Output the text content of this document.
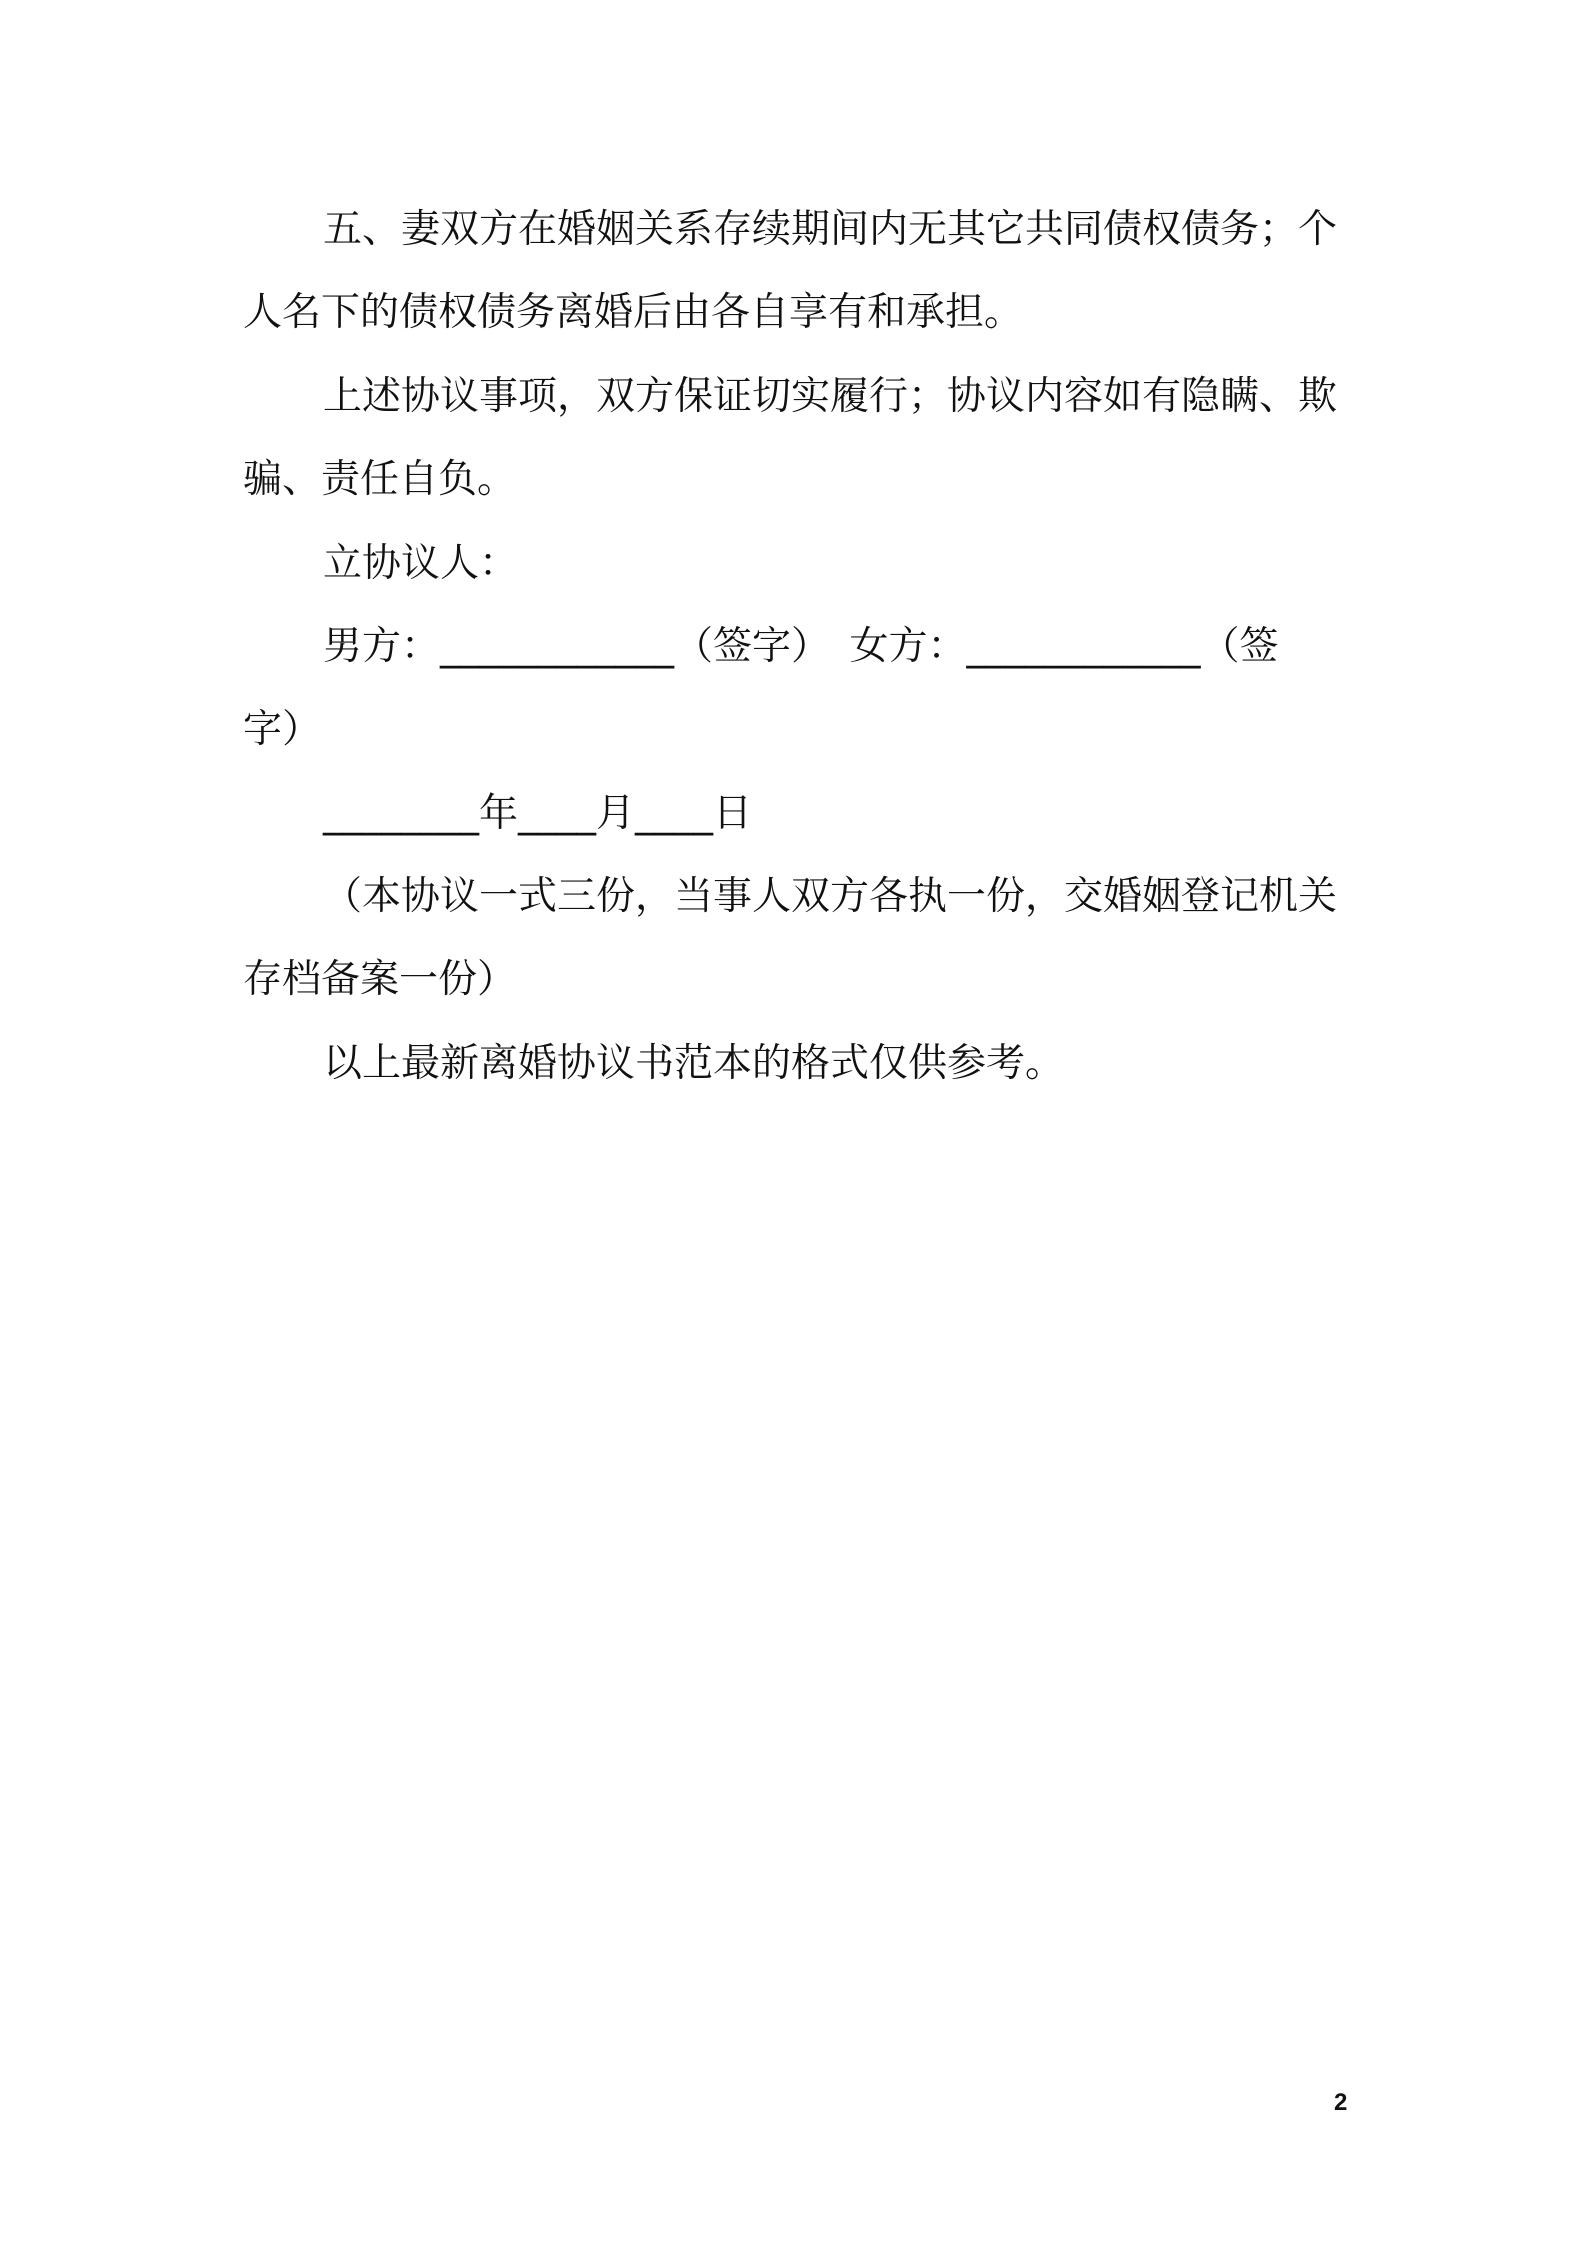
五、妻双方在婚姻关系存续期间内无其它共同债权债务；个
人名下的债权债务离婚后由各自享有和承担。
上述协议事项，双方保证切实履行；协议内容如有隐瞒、欺
骗、责任自负。
立协议人：
男方：____________（签字）　女方：____________（签
字）
________年____月____日
（本协议一式三份，当事人双方各执一份，交婚姻登记机关
存档备案一份）
以上最新离婚协议书范本的格式仅供参考。
2
